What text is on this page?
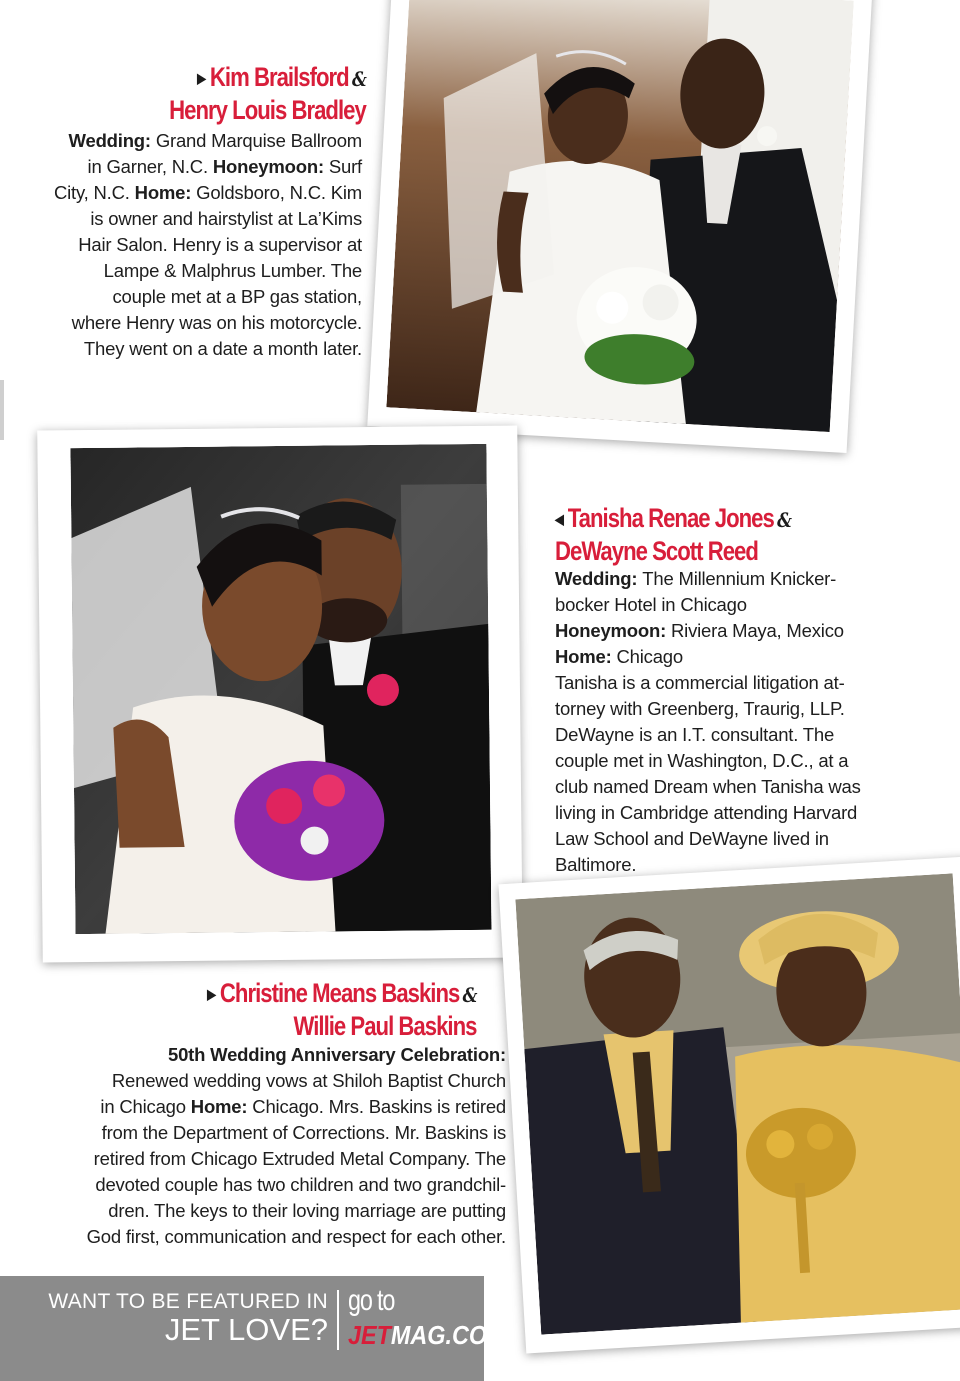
▶ Kim Brailsford &
Henry Louis Bradley
Wedding: Grand Marquise Ballroom
in Garner, N.C. Honeymoon: Surf
City, N.C. Home: Goldsboro, N.C. Kim
is owner and hairstylist at La’Kims
Hair Salon. Henry is a supervisor at
Lampe & Malphrus Lumber. The
couple met at a BP gas station,
where Henry was on his motorcycle.
They went on a date a month later.
◀ Tanisha Renae Jones &
DeWayne Scott Reed
Wedding: The Millennium Knicker-
bocker Hotel in Chicago
Honeymoon: Riviera Maya, Mexico
Home: Chicago
Tanisha is a commercial litigation at-
torney with Greenberg, Traurig, LLP.
DeWayne is an I.T. consultant. The
couple met in Washington, D.C., at a
club named Dream when Tanisha was
living in Cambridge attending Harvard
Law School and DeWayne lived in
Baltimore.
▶ Christine Means Baskins &
Willie Paul Baskins
50th Wedding Anniversary Celebration:
Renewed wedding vows at Shiloh Baptist Church
in Chicago Home: Chicago. Mrs. Baskins is retired
from the Department of Corrections. Mr. Baskins is
retired from Chicago Extruded Metal Company. The
devoted couple has two children and two grandchil-
dren. The keys to their loving marriage are putting
God first, communication and respect for each other.
WANT TO BE FEATURED IN
JET LOVE?
go to
JETMAG.COM
